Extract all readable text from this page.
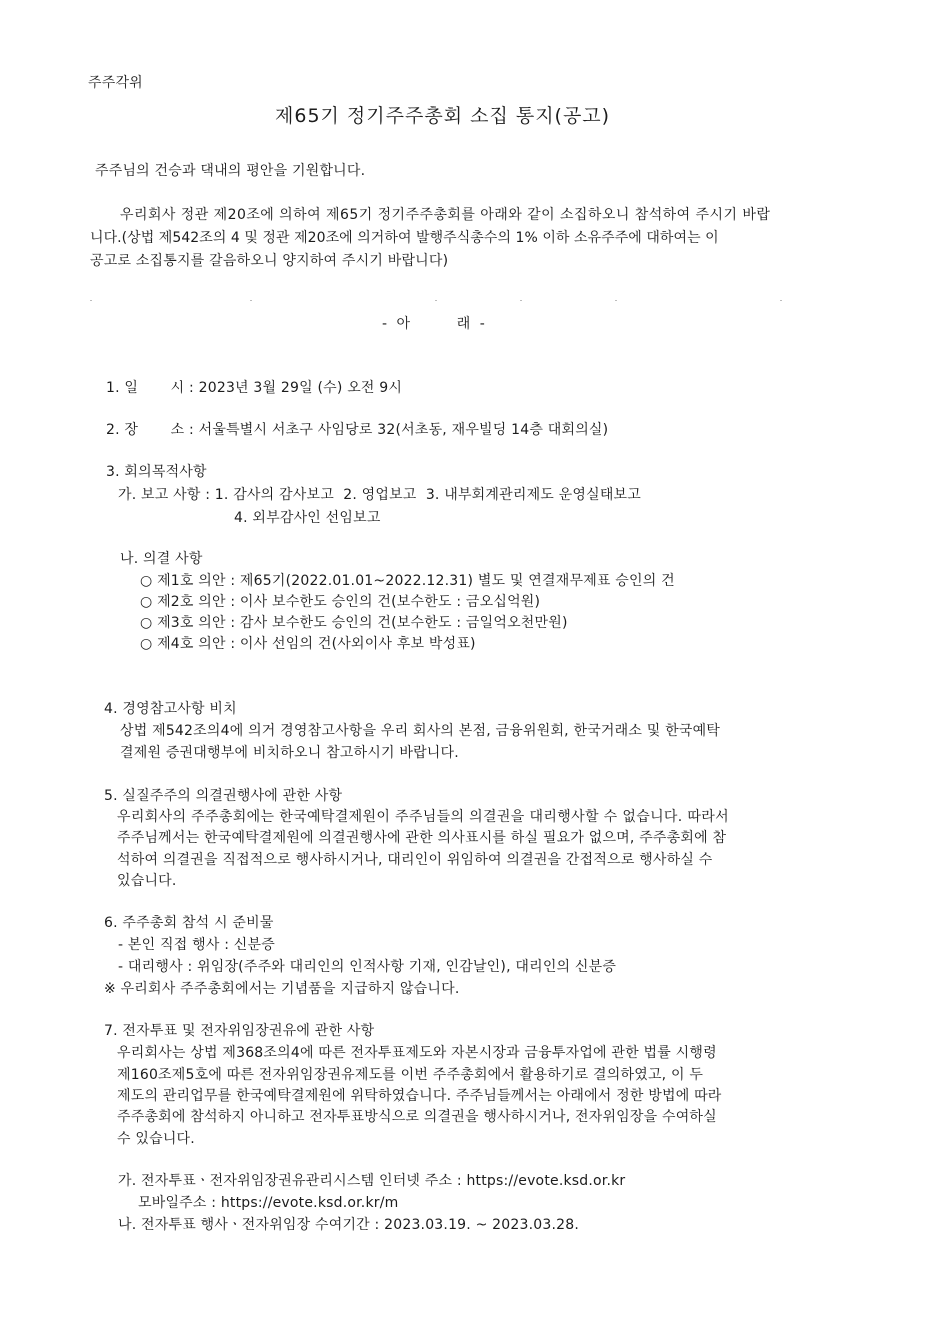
주주각위
제65기 정기주주총회 소집 통지(공고)
주주님의 건승과 댁내의 평안을 기원합니다.
우리회사 정관 제20조에 의하여 제65기 정기주주총회를 아래와 같이 소집하오니 참석하여 주시기 바랍
니다.(상법 제542조의 4 및 정관 제20조에 의거하여 발행주식총수의 1% 이하 소유주주에 대하여는 이
공고로 소집통지를 갈음하오니 양지하여 주시기 바랍니다)
-  아          래  -
1. 일       시 : 2023년 3월 29일 (수) 오전 9시
2. 장       소 : 서울특별시 서초구 사임당로 32(서초동, 재우빌딩 14층 대회의실)
3. 회의목적사항
가. 보고 사항 : 1. 감사의 감사보고  2. 영업보고  3. 내부회계관리제도 운영실태보고
4. 외부감사인 선임보고
나. 의결 사항
○ 제1호 의안 : 제65기(2022.01.01~2022.12.31) 별도 및 연결재무제표 승인의 건
○ 제2호 의안 : 이사 보수한도 승인의 건(보수한도 : 금오십억원)
○ 제3호 의안 : 감사 보수한도 승인의 건(보수한도 : 금일억오천만원)
○ 제4호 의안 : 이사 선임의 건(사외이사 후보 박성표)
4. 경영참고사항 비치
상법 제542조의4에 의거 경영참고사항을 우리 회사의 본점, 금융위원회, 한국거래소 및 한국예탁
결제원 증권대행부에 비치하오니 참고하시기 바랍니다.
5. 실질주주의 의결권행사에 관한 사항
우리회사의 주주총회에는 한국예탁결제원이 주주님들의 의결권을 대리행사할 수 없습니다. 따라서
주주님께서는 한국예탁결제원에 의결권행사에 관한 의사표시를 하실 필요가 없으며, 주주총회에 참
석하여 의결권을 직접적으로 행사하시거나, 대리인이 위임하여 의결권을 간접적으로 행사하실 수
있습니다.
6. 주주총회 참석 시 준비물
- 본인 직접 행사 : 신분증
- 대리행사 : 위임장(주주와 대리인의 인적사항 기재, 인감날인), 대리인의 신분증
※ 우리회사 주주총회에서는 기념품을 지급하지 않습니다.
7. 전자투표 및 전자위임장권유에 관한 사항
우리회사는 상법 제368조의4에 따른 전자투표제도와 자본시장과 금융투자업에 관한 법률 시행령
제160조제5호에 따른 전자위임장권유제도를 이번 주주총회에서 활용하기로 결의하였고, 이 두
제도의 관리업무를 한국예탁결제원에 위탁하였습니다. 주주님들께서는 아래에서 정한 방법에 따라
주주총회에 참석하지 아니하고 전자투표방식으로 의결권을 행사하시거나, 전자위임장을 수여하실
수 있습니다.
가. 전자투표ㆍ전자위임장권유관리시스템 인터넷 주소 : https://evote.ksd.or.kr
모바일주소 : https://evote.ksd.or.kr/m
나. 전자투표 행사ㆍ전자위임장 수여기간 : 2023.03.19. ~ 2023.03.28.
